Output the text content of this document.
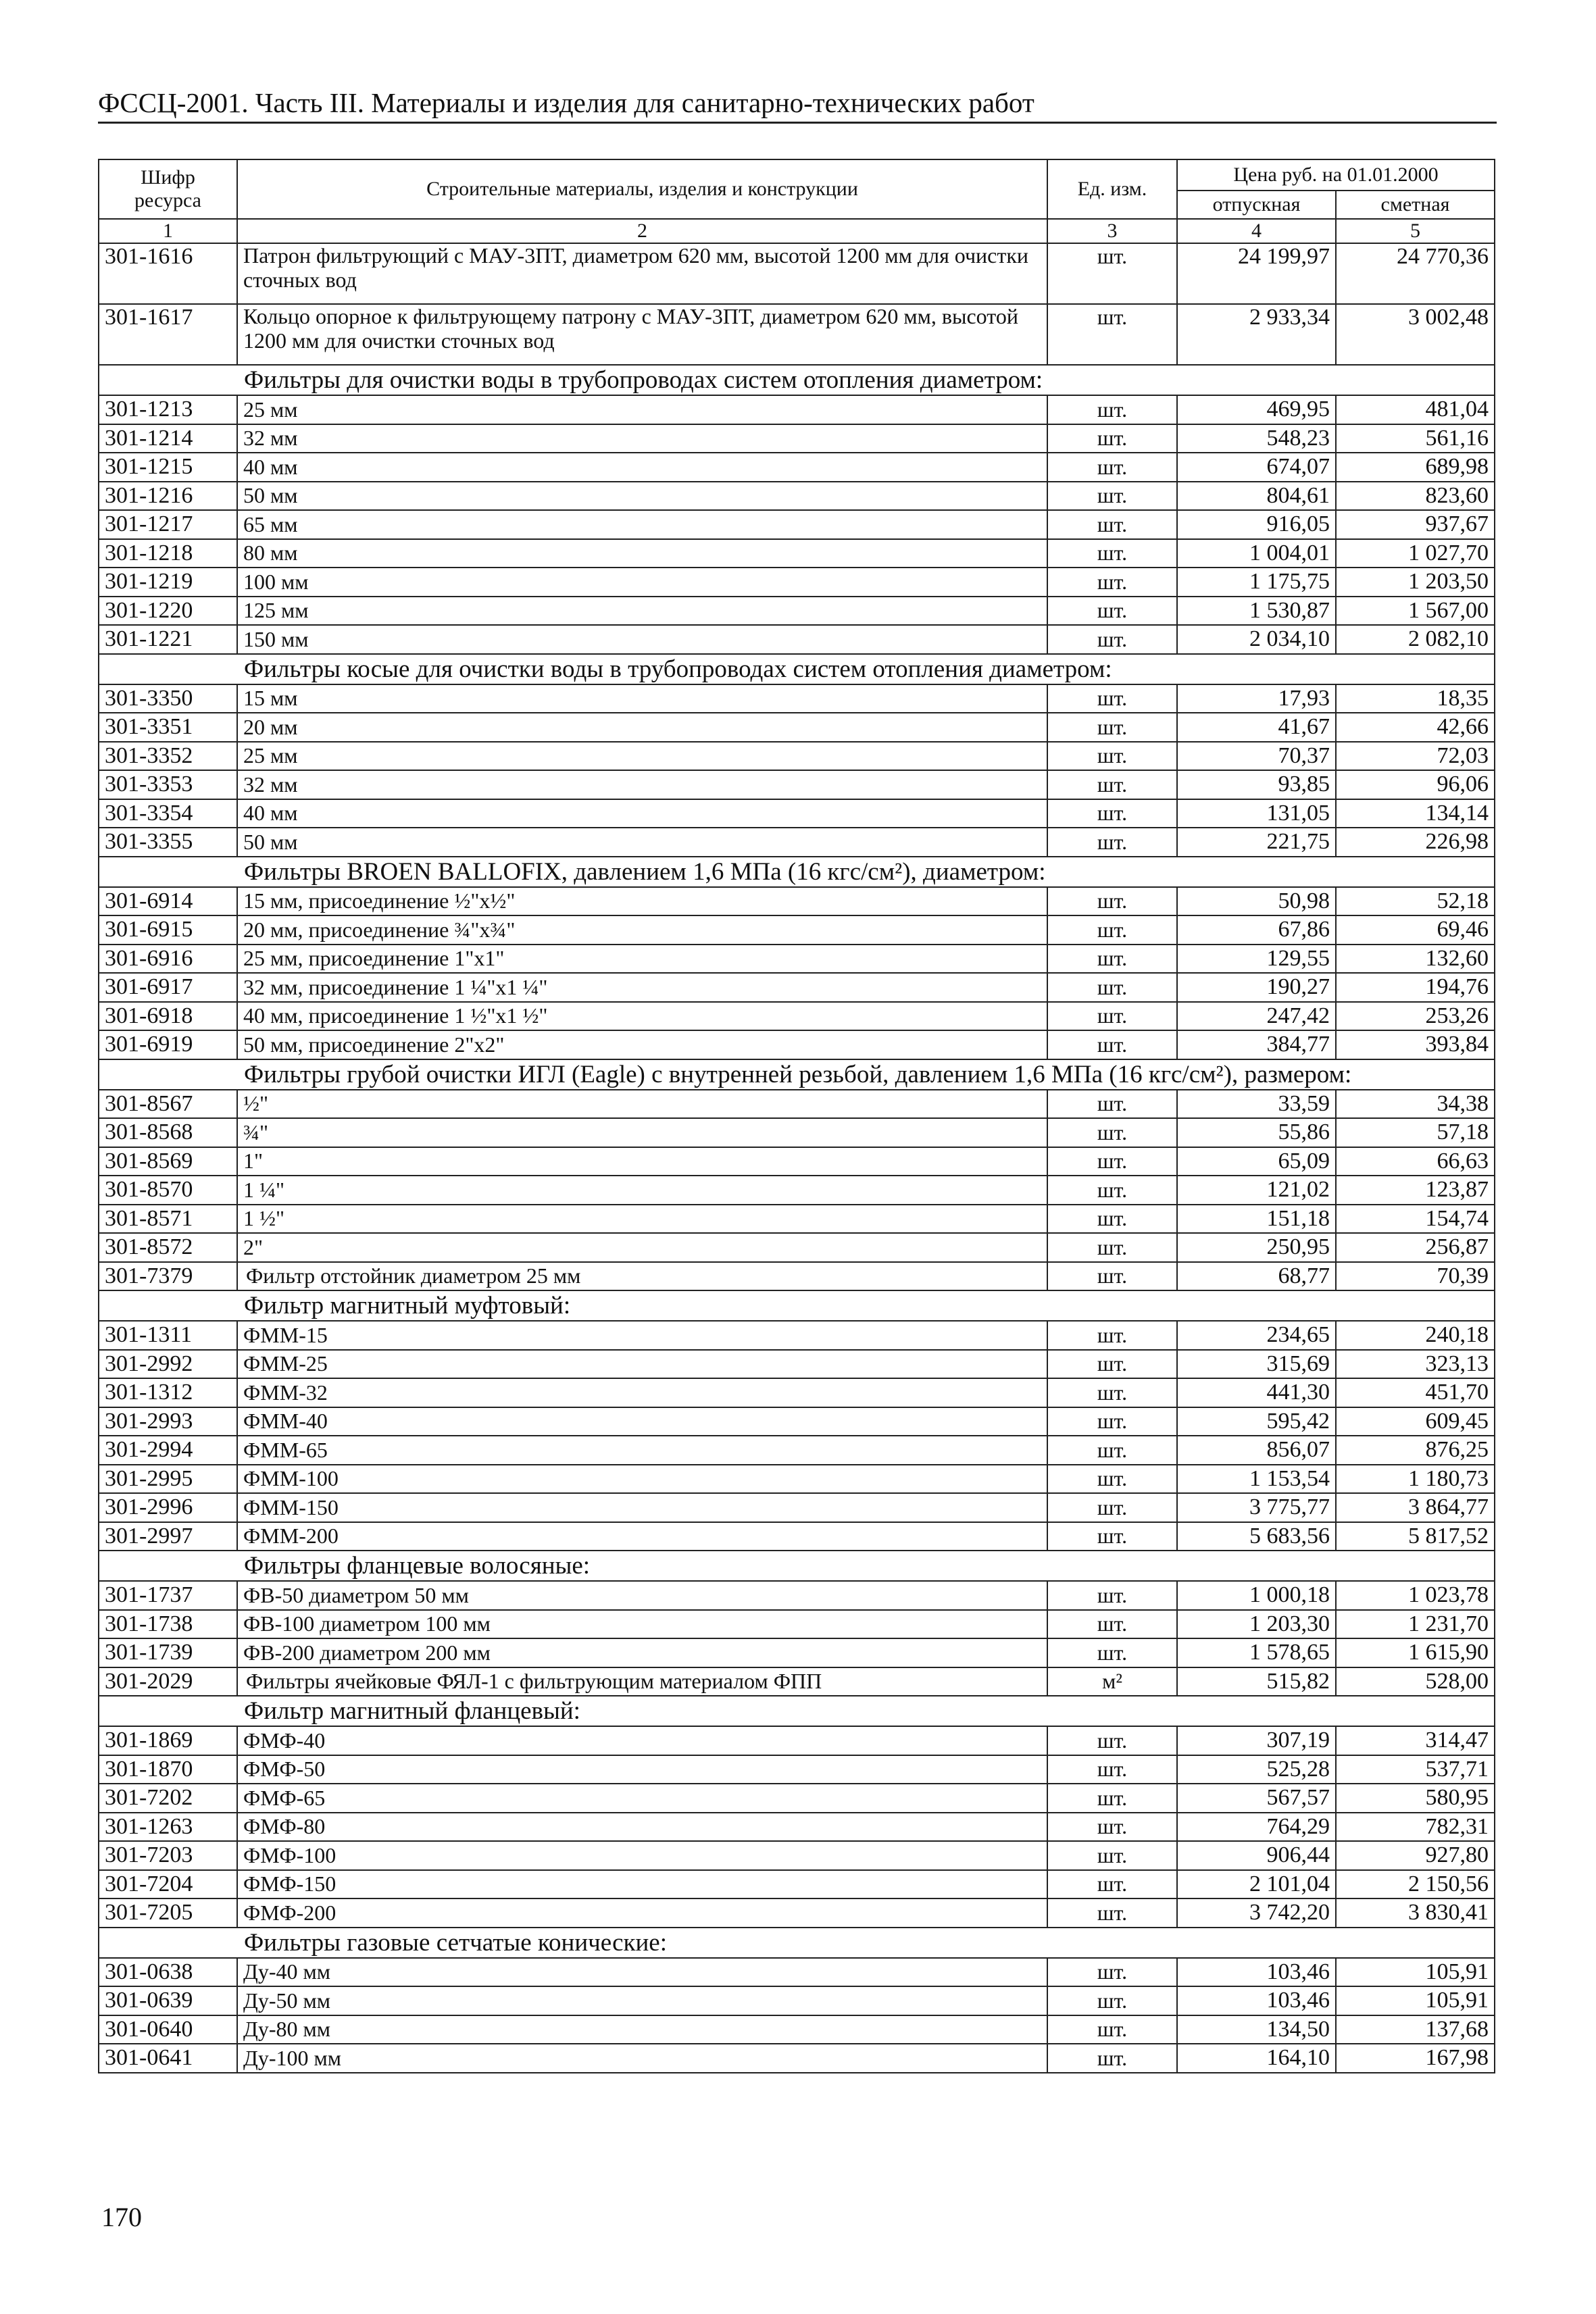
ФССЦ-2001. Часть III. Материалы и изделия для санитарно-технических работ
Шифр ресурса	Строительные материалы, изделия и конструкции	Ед. изм.	Цена руб. на 01.01.2000	
			отпускная	сметная
1	2	3	4	5
301-1616	Патрон фильтрующий с МАУ-3ПТ, диаметром 620 мм, высотой 1200 мм для очистки сточных вод	шт.	24 199,97	24 770,36
301-1617	Кольцо опорное к фильтрующему патрону с МАУ-3ПТ, диаметром 620 мм, высотой 1200 мм для очистки сточных вод	шт.	2 933,34	3 002,48
Фильтры для очистки воды в трубопроводах систем отопления диаметром:				
301-1213	25 мм	шт.	469,95	481,04
301-1214	32 мм	шт.	548,23	561,16
301-1215	40 мм	шт.	674,07	689,98
301-1216	50 мм	шт.	804,61	823,60
301-1217	65 мм	шт.	916,05	937,67
301-1218	80 мм	шт.	1 004,01	1 027,70
301-1219	100 мм	шт.	1 175,75	1 203,50
301-1220	125 мм	шт.	1 530,87	1 567,00
301-1221	150 мм	шт.	2 034,10	2 082,10
Фильтры косые для очистки воды в трубопроводах систем отопления диаметром:				
301-3350	15 мм	шт.	17,93	18,35
301-3351	20 мм	шт.	41,67	42,66
301-3352	25 мм	шт.	70,37	72,03
301-3353	32 мм	шт.	93,85	96,06
301-3354	40 мм	шт.	131,05	134,14
301-3355	50 мм	шт.	221,75	226,98
Фильтры BROEN BALLOFIX, давлением 1,6 МПа (16 кгс/см²), диаметром:				
301-6914	15 мм, присоединение ½"х½"	шт.	50,98	52,18
301-6915	20 мм, присоединение ¾"х¾"	шт.	67,86	69,46
301-6916	25 мм, присоединение 1"х1"	шт.	129,55	132,60
301-6917	32 мм, присоединение 1 ¼"х1 ¼"	шт.	190,27	194,76
301-6918	40 мм, присоединение 1 ½"х1 ½"	шт.	247,42	253,26
301-6919	50 мм, присоединение 2"х2"	шт.	384,77	393,84
Фильтры грубой очистки ИГЛ (Eagle) с внутренней резьбой, давлением 1,6 МПа (16 кгс/см²), размером:				
301-8567	½"	шт.	33,59	34,38
301-8568	¾"	шт.	55,86	57,18
301-8569	1"	шт.	65,09	66,63
301-8570	1 ¼"	шт.	121,02	123,87
301-8571	1 ½"	шт.	151,18	154,74
301-8572	2"	шт.	250,95	256,87
301-7379	Фильтр отстойник диаметром 25 мм	шт.	68,77	70,39
Фильтр магнитный муфтовый:				
301-1311	ФММ-15	шт.	234,65	240,18
301-2992	ФММ-25	шт.	315,69	323,13
301-1312	ФММ-32	шт.	441,30	451,70
301-2993	ФММ-40	шт.	595,42	609,45
301-2994	ФММ-65	шт.	856,07	876,25
301-2995	ФММ-100	шт.	1 153,54	1 180,73
301-2996	ФММ-150	шт.	3 775,77	3 864,77
301-2997	ФММ-200	шт.	5 683,56	5 817,52
Фильтры фланцевые волосяные:				
301-1737	ФВ-50 диаметром 50 мм	шт.	1 000,18	1 023,78
301-1738	ФВ-100 диаметром 100 мм	шт.	1 203,30	1 231,70
301-1739	ФВ-200 диаметром 200 мм	шт.	1 578,65	1 615,90
301-2029	Фильтры ячейковые ФЯЛ-1 с фильтрующим материалом ФПП	м²	515,82	528,00
Фильтр магнитный фланцевый:				
301-1869	ФМФ-40	шт.	307,19	314,47
301-1870	ФМФ-50	шт.	525,28	537,71
301-7202	ФМФ-65	шт.	567,57	580,95
301-1263	ФМФ-80	шт.	764,29	782,31
301-7203	ФМФ-100	шт.	906,44	927,80
301-7204	ФМФ-150	шт.	2 101,04	2 150,56
301-7205	ФМФ-200	шт.	3 742,20	3 830,41
Фильтры газовые сетчатые конические:				
301-0638	Ду-40 мм	шт.	103,46	105,91
301-0639	Ду-50 мм	шт.	103,46	105,91
301-0640	Ду-80 мм	шт.	134,50	137,68
301-0641	Ду-100 мм	шт.	164,10	167,98
170
